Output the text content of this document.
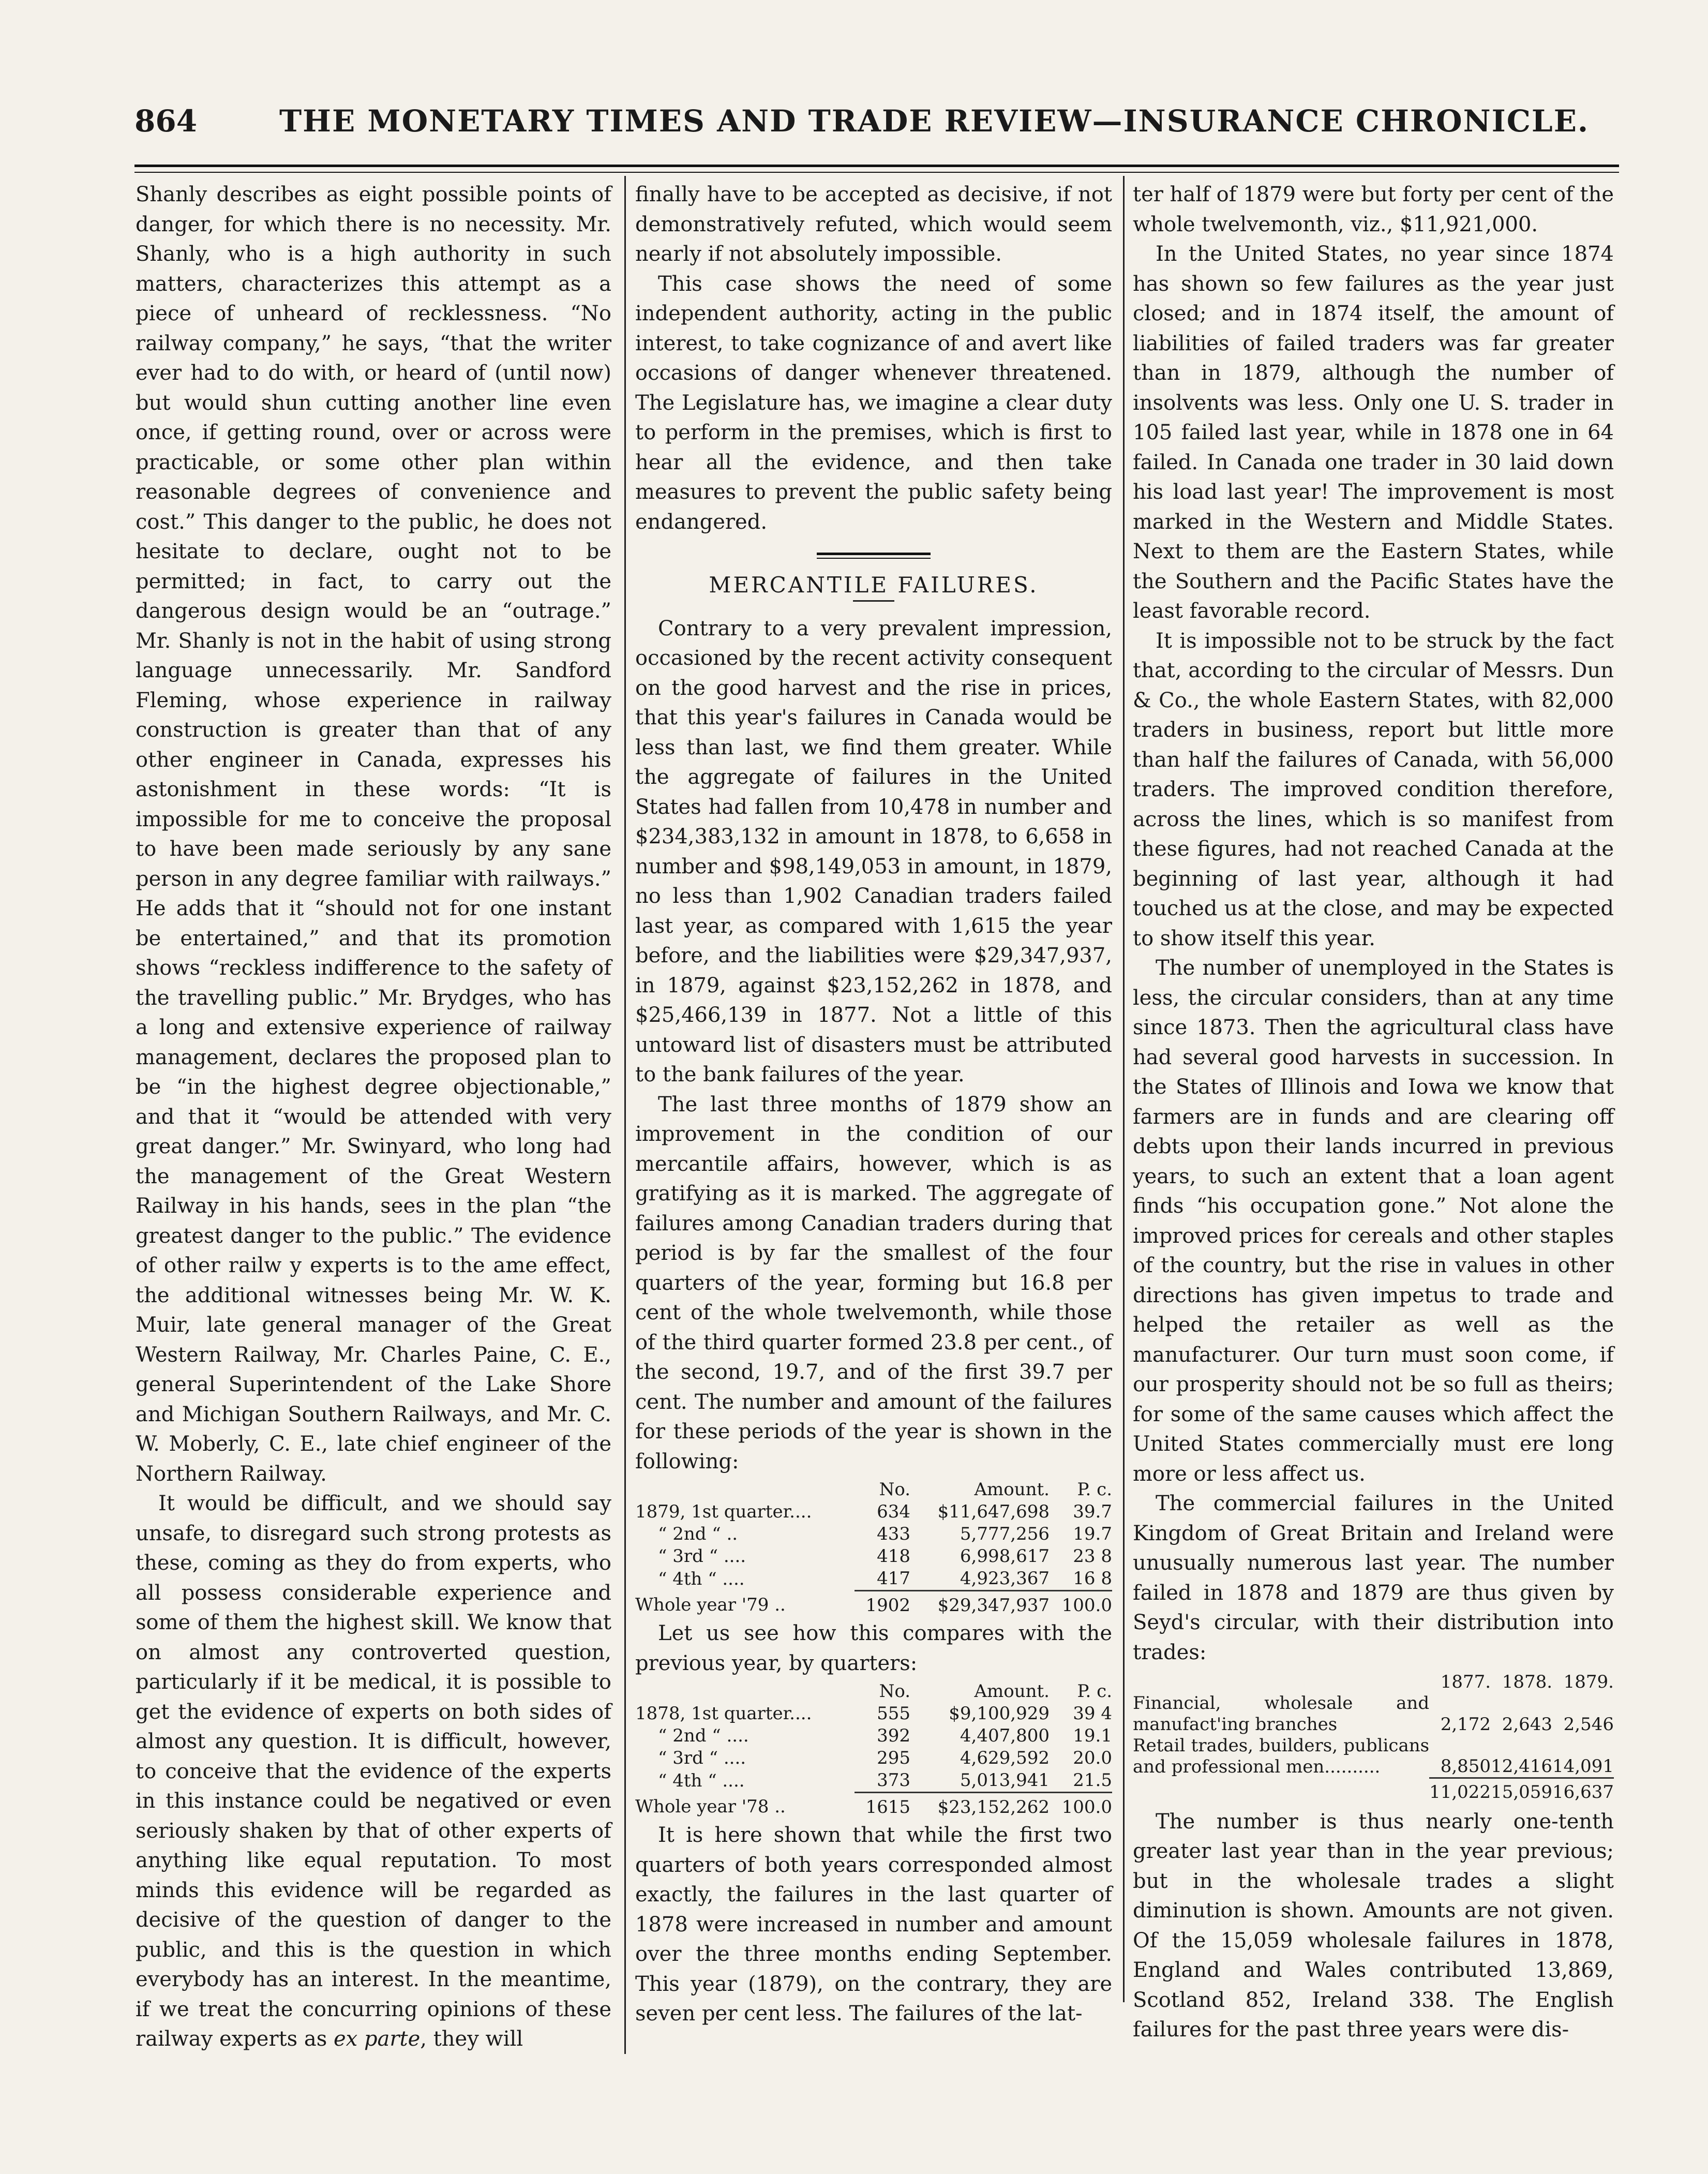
864	THE MONETARY TIMES AND TRADE REVIEW—INSURANCE CHRONICLE.

Shanly describes as eight possible points of danger, for which there is no necessity. Mr. Shanly, who is a high authority in such matters, characterizes this attempt as a piece of unheard of recklessness. “No railway company,” he says, “that the writer ever had to do with, or heard of (until now) but would shun cutting another line even once, if getting round, over or across were practicable, or some other plan within reasonable degrees of convenience and cost.” This danger to the public, he does not hesitate to declare, ought not to be permitted; in fact, to carry out the dangerous design would be an “outrage.” Mr. Shanly is not in the habit of using strong language unnecessarily. Mr. Sandford Fleming, whose experience in railway construction is greater than that of any other engineer in Canada, expresses his astonishment in these words: “It is impossible for me to conceive the proposal to have been made seriously by any sane person in any degree familiar with railways.” He adds that it “should not for one instant be entertained,” and that its promotion shows “reckless indifference to the safety of the travelling public.” Mr. Brydges, who has a long and extensive experience of railway management, declares the proposed plan to be “in the highest degree objectionable,” and that it “would be attended with very great danger.” Mr. Swinyard, who long had the management of the Great Western Railway in his hands, sees in the plan “the greatest danger to the public.” The evidence of other railw y experts is to the ame effect, the additional witnesses being Mr. W. K. Muir, late general manager of the Great Western Railway, Mr. Charles Paine, C. E., general Superintendent of the Lake Shore and Michigan Southern Railways, and Mr. C. W. Moberly, C. E., late chief engineer of the Northern Railway.

It would be difficult, and we should say unsafe, to disregard such strong protests as these, coming as they do from experts, who all possess considerable experience and some of them the highest skill. We know that on almost any controverted question, particularly if it be medical, it is possible to get the evidence of experts on both sides of almost any question. It is difficult, however, to conceive that the evidence of the experts in this instance could be negatived or even seriously shaken by that of other experts of anything like equal reputation. To most minds this evidence will be regarded as decisive of the question of danger to the public, and this is the question in which everybody has an interest. In the meantime, if we treat the concurring opinions of these railway experts as ex parte, they will

finally have to be accepted as decisive, if not demonstratively refuted, which would seem nearly if not absolutely impossible.

This case shows the need of some independent authority, acting in the public interest, to take cognizance of and avert like occasions of danger whenever threatened. The Legislature has, we imagine a clear duty to perform in the premises, which is first to hear all the evidence, and then take measures to prevent the public safety being endangered.

MERCANTILE FAILURES.

Contrary to a very prevalent impression, occasioned by the recent activity consequent on the good harvest and the rise in prices, that this year's failures in Canada would be less than last, we find them greater. While the aggregate of failures in the United States had fallen from 10,478 in number and $234,383,132 in amount in 1878, to 6,658 in number and $98,149,053 in amount, in 1879, no less than 1,902 Canadian traders failed last year, as compared with 1,615 the year before, and the liabilities were $29,347,937, in 1879, against $23,152,262 in 1878, and $25,466,139 in 1877. Not a little of this untoward list of disasters must be attributed to the bank failures of the year.

The last three months of 1879 show an improvement in the condition of our mercantile affairs, however, which is as gratifying as it is marked. The aggregate of failures among Canadian traders during that period is by far the smallest of the four quarters of the year, forming but 16.8 per cent of the whole twelvemonth, while those of the third quarter formed 23.8 per cent., of the second, 19.7, and of the first 39.7 per cent. The number and amount of the failures for these periods of the year is shown in the following:

	No.	Amount.	P. c.
1879, 1st quarter....	634	$11,647,698	39.7
“ 2nd “ ..	433	5,777,256	19.7
“ 3rd “ ....	418	6,998,617	23 8
“ 4th “ ....	417	4,923,367	16 8
Whole year '79 ..	1902	$29,347,937	100.0

Let us see how this compares with the previous year, by quarters:

	No.	Amount.	P. c.
1878, 1st quarter....	555	$9,100,929	39 4
“ 2nd “ ....	392	4,407,800	19.1
“ 3rd “ ....	295	4,629,592	20.0
“ 4th “ ....	373	5,013,941	21.5
Whole year '78 ..	1615	$23,152,262	100.0

It is here shown that while the first two quarters of both years corresponded almost exactly, the failures in the last quarter of 1878 were increased in number and amount over the three months ending September. This year (1879), on the contrary, they are seven per cent less. The failures of the lat-

ter half of 1879 were but forty per cent of the whole twelvemonth, viz., $11,921,000.

In the United States, no year since 1874 has shown so few failures as the year just closed; and in 1874 itself, the amount of liabilities of failed traders was far greater than in 1879, although the number of insolvents was less. Only one U. S. trader in 105 failed last year, while in 1878 one in 64 failed. In Canada one trader in 30 laid down his load last year! The improvement is most marked in the Western and Middle States. Next to them are the Eastern States, while the Southern and the Pacific States have the least favorable record.

It is impossible not to be struck by the fact that, according to the circular of Messrs. Dun & Co., the whole Eastern States, with 82,000 traders in business, report but little more than half the failures of Canada, with 56,000 traders. The improved condition therefore, across the lines, which is so manifest from these figures, had not reached Canada at the beginning of last year, although it had touched us at the close, and may be expected to show itself this year.

The number of unemployed in the States is less, the circular considers, than at any time since 1873. Then the agricultural class have had several good harvests in succession. In the States of Illinois and Iowa we know that farmers are in funds and are clearing off debts upon their lands incurred in previous years, to such an extent that a loan agent finds “his occupation gone.” Not alone the improved prices for cereals and other staples of the country, but the rise in values in other directions has given impetus to trade and helped the retailer as well as the manufacturer. Our turn must soon come, if our prosperity should not be so full as theirs; for some of the same causes which affect the United States commercially must ere long more or less affect us.

The commercial failures in the United Kingdom of Great Britain and Ireland were unusually numerous last year. The number failed in 1878 and 1879 are thus given by Seyd's circular, with their distribution into trades:

	1877.	1878.	1879.
Financial, wholesale and manufact'ing branches	2,172	2,643	2,546
Retail trades, builders, publicans and professional men..........	8,850	12,416	14,091
	11,022	15,059	16,637

The number is thus nearly one-tenth greater last year than in the year previous; but in the wholesale trades a slight diminution is shown. Amounts are not given. Of the 15,059 wholesale failures in 1878, England and Wales contributed 13,869, Scotland 852, Ireland 338. The English failures for the past three years were dis-
